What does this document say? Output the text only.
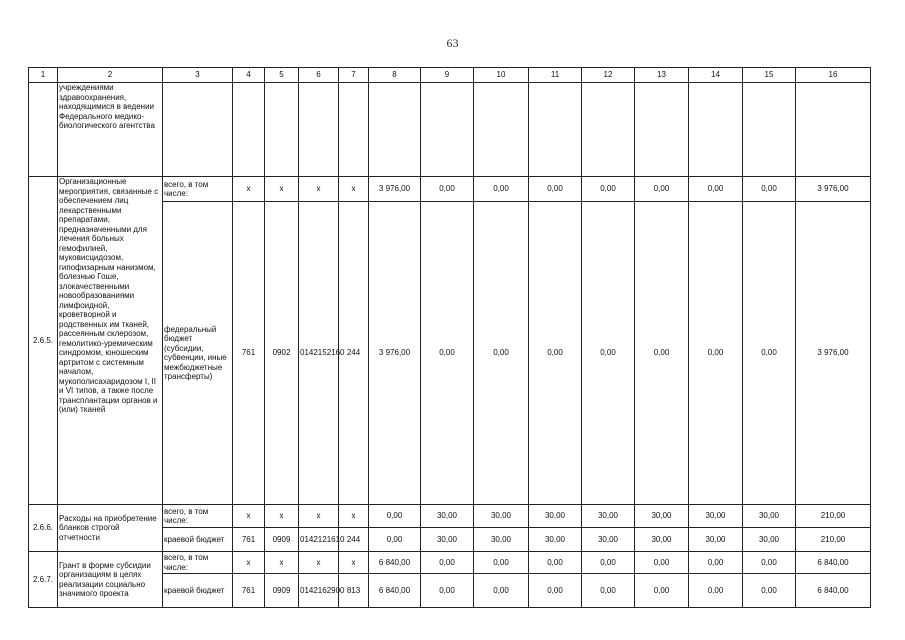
63
1	2	3	4	5	6	7	8	9	10	11	12	13	14	15	16
	учреждениями здравоохранения, находящимися в ведении Федерального медико-биологического агентства														
2.6.5.	Организационные мероприятия, связанные с обеспечением лиц лекарственными препаратами, предназначенными для лечения больных гемофилией, муковисцидозом, гипофизарным нанизмом, болезнью Гоше, злокачественными новообразованиями лимфоидной, кроветворной и родственных им тканей, рассеянным склерозом, гемолитико-уремическим синдромом, юношеским артритом с системным началом, мукополисахаридозом I, II и VI типов, а также после трансплантации органов и (или) тканей	всего, в том числе:	x	x	x	x	3 976,00	0,00	0,00	0,00	0,00	0,00	0,00	0,00	3 976,00
		федеральный бюджет (субсидии, субвенции, иные межбюджетные трансферты)	761	0902	0142152160	244	3 976,00	0,00	0,00	0,00	0,00	0,00	0,00	0,00	3 976,00
2.6.6.	Расходы на приобретение бланков строгой отчетности	всего, в том числе:	x	x	x	x	0,00	30,00	30,00	30,00	30,00	30,00	30,00	30,00	210,00
		краевой бюджет	761	0909	0142121610	244	0,00	30,00	30,00	30,00	30,00	30,00	30,00	30,00	210,00
2.6.7.	Грант в форме субсидии организациям в целях реализации социально значимого проекта	всего, в том числе:	x	x	x	x	6 840,00	0,00	0,00	0,00	0,00	0,00	0,00	0,00	6 840,00
		краевой бюджет	761	0909	0142162900	813	6 840,00	0,00	0,00	0,00	0,00	0,00	0,00	0,00	6 840,00
